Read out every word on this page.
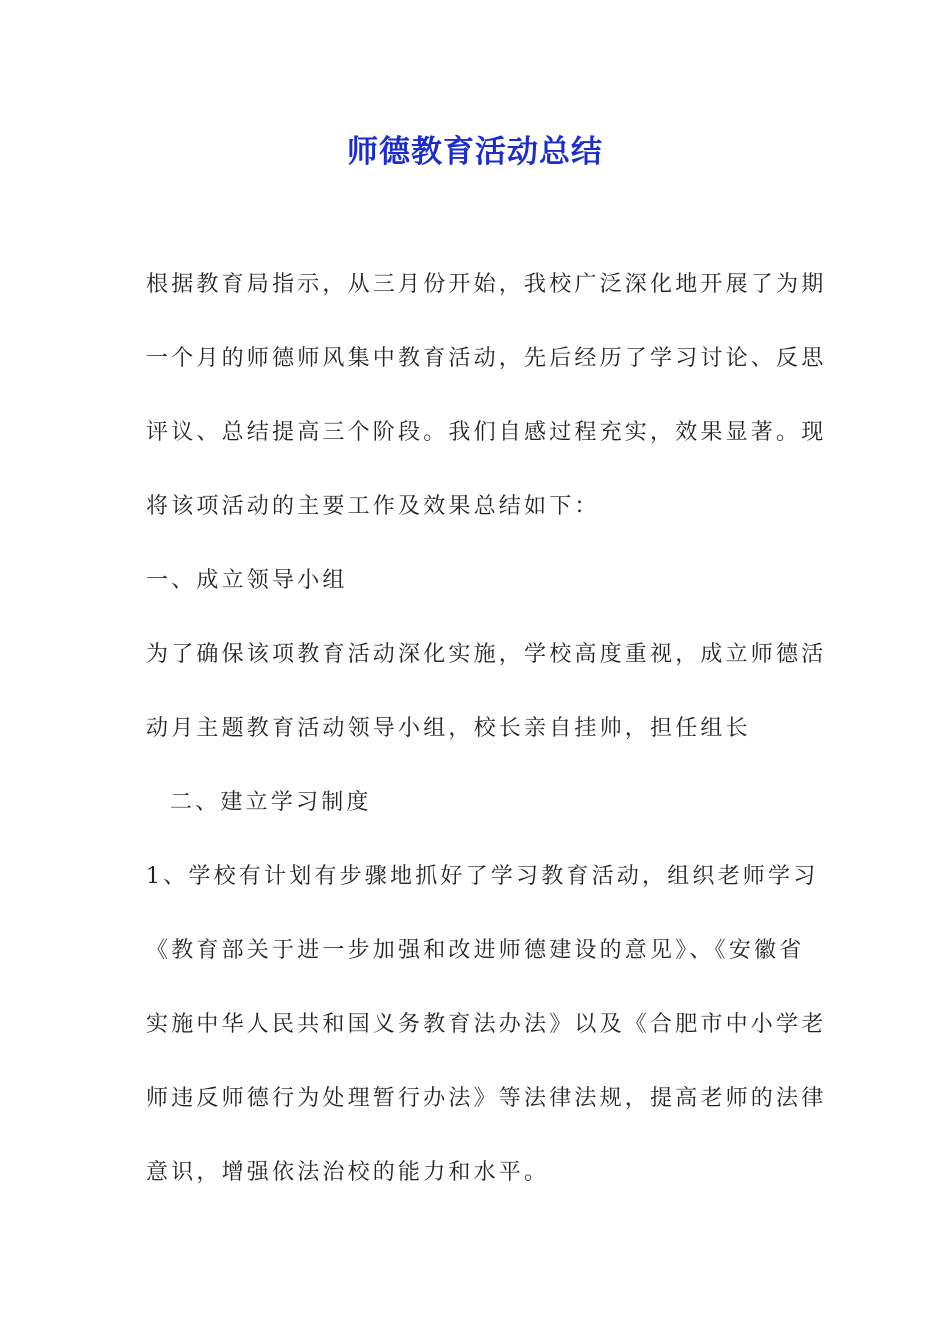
师德教育活动总结
根据教育局指示，从三月份开始，我校广泛深化地开展了为期
一个月的师德师风集中教育活动，先后经历了学习讨论、反思
评议、总结提高三个阶段。我们自感过程充实，效果显著。现
将该项活动的主要工作及效果总结如下：
一、成立领导小组
为了确保该项教育活动深化实施，学校高度重视，成立师德活
动月主题教育活动领导小组，校长亲自挂帅，担任组长
二、建立学习制度
1、学校有计划有步骤地抓好了学习教育活动，组织老师学习
《教育部关于进一步加强和改进师德建设的意见》、《安徽省
实施中华人民共和国义务教育法办法》以及《合肥市中小学老
师违反师德行为处理暂行办法》等法律法规，提高老师的法律
意识，增强依法治校的能力和水平。
